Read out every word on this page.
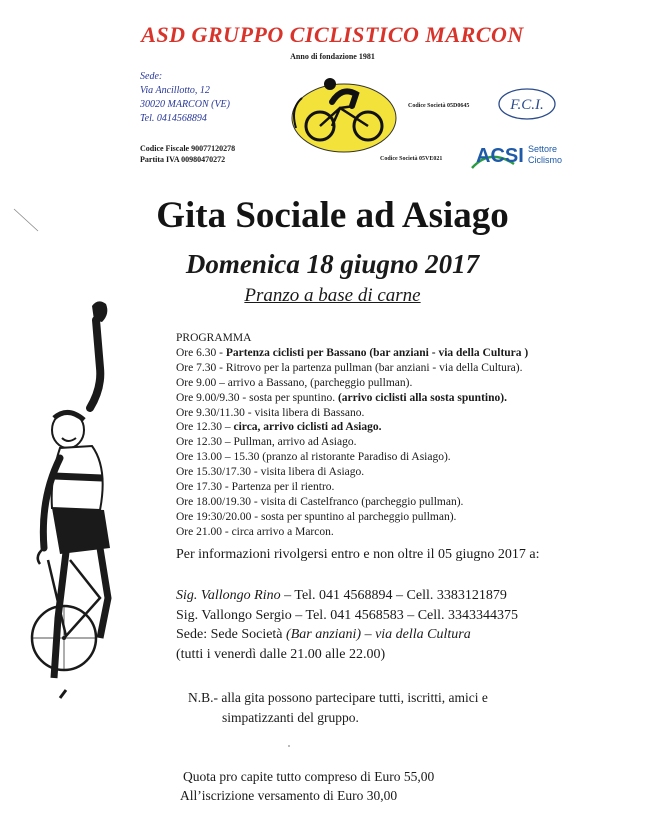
ASD GRUPPO CICLISTICO MARCON
Anno di fondazione 1981
Sede:
Via Ancillotto, 12
30020 MARCON (VE)
Tel. 0414568894
Codice Fiscale 90077120278
Partita IVA 00980470272
Codice Società 05D0645	F.C.I.
Codice Società 05VE021 ACSI Settore
Ciclismo
Gita Sociale ad Asiago
Domenica 18 giugno 2017
Pranzo a base di carne
PROGRAMMA
Ore 6.30 - Partenza ciclisti per Bassano (bar anziani - via della Cultura )
Ore 7.30 - Ritrovo per la partenza pullman (bar anziani - via della Cultura).
Ore 9.00 – arrivo a Bassano, (parcheggio pullman).
Ore 9.00/9.30 - sosta per spuntino. (arrivo ciclisti alla sosta spuntino).
Ore 9.30/11.30 - visita libera di Bassano.
Ore 12.30 – circa, arrivo ciclisti ad Asiago.
Ore 12.30 – Pullman, arrivo ad Asiago.
Ore 13.00 – 15.30 (pranzo al ristorante Paradiso di Asiago).
Ore 15.30/17.30 - visita libera di Asiago.
Ore 17.30 - Partenza per il rientro.
Ore 18.00/19.30 - visita di Castelfranco (parcheggio pullman).
Ore 19:30/20.00 - sosta per spuntino al parcheggio pullman).
Ore 21.00 - circa arrivo a Marcon.
Per informazioni rivolgersi entro e non oltre il 05 giugno 2017 a:
Sig. Vallongo Rino – Tel. 041 4568894 – Cell. 3383121879
Sig. Vallongo Sergio – Tel. 041 4568583 – Cell. 3343344375
Sede: Sede Società (Bar anziani) – via della Cultura
(tutti i venerdì dalle 21.00 alle 22.00)
N.B.- alla gita possono partecipare tutti, iscritti, amici e
simpatizzanti del gruppo.
Quota pro capite tutto compreso di Euro 55,00
All’iscrizione versamento di Euro 30,00
